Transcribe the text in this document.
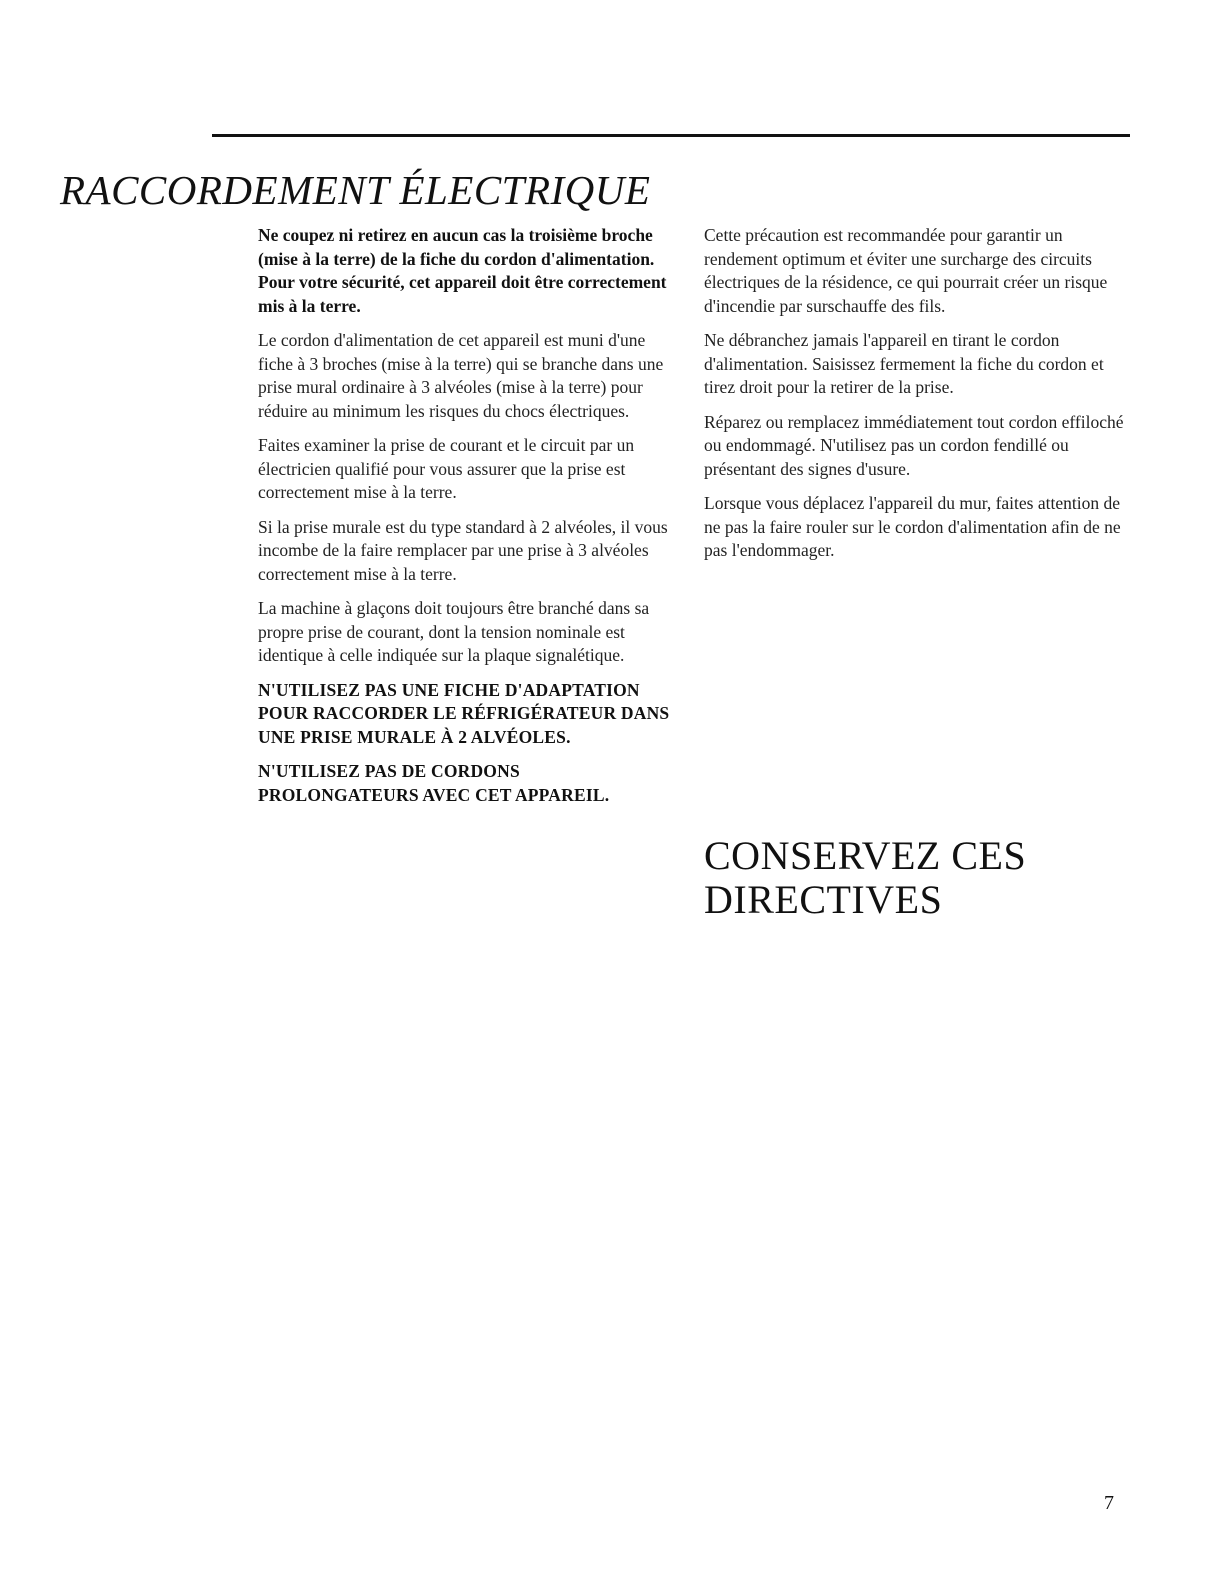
RACCORDEMENT ÉLECTRIQUE

Ne coupez ni retirez en aucun cas la troisième broche (mise à la terre) de la fiche du cordon d'alimentation. Pour votre sécurité, cet appareil doit être correctement mis à la terre.

Le cordon d'alimentation de cet appareil est muni d'une fiche à 3 broches (mise à la terre) qui se branche dans une prise mural ordinaire à 3 alvéoles (mise à la terre) pour réduire au minimum les risques du chocs électriques.

Faites examiner la prise de courant et le circuit par un électricien qualifié pour vous assurer que la prise est correctement mise à la terre.

Si la prise murale est du type standard à 2 alvéoles, il vous incombe de la faire remplacer par une prise à 3 alvéoles correctement mise à la terre.

La machine à glaçons doit toujours être branché dans sa propre prise de courant, dont la tension nominale est identique à celle indiquée sur la plaque signalétique.

N'UTILISEZ PAS UNE FICHE D'ADAPTATION POUR RACCORDER LE RÉFRIGÉRATEUR DANS UNE PRISE MURALE À 2 ALVÉOLES.

N'UTILISEZ PAS DE CORDONS PROLONGATEURS AVEC CET APPAREIL.

Cette précaution est recommandée pour garantir un rendement optimum et éviter une surcharge des circuits électriques de la résidence, ce qui pourrait créer un risque d'incendie par surschauffe des fils.

Ne débranchez jamais l'appareil en tirant le cordon d'alimentation. Saisissez fermement la fiche du cordon et tirez droit pour la retirer de la prise.

Réparez ou remplacez immédiatement tout cordon effiloché ou endommagé. N'utilisez pas un cordon fendillé ou présentant des signes d'usure.

Lorsque vous déplacez l'appareil du mur, faites attention de ne pas la faire rouler sur le cordon d'alimentation afin de ne pas l'endommager.

CONSERVEZ CES DIRECTIVES
7
